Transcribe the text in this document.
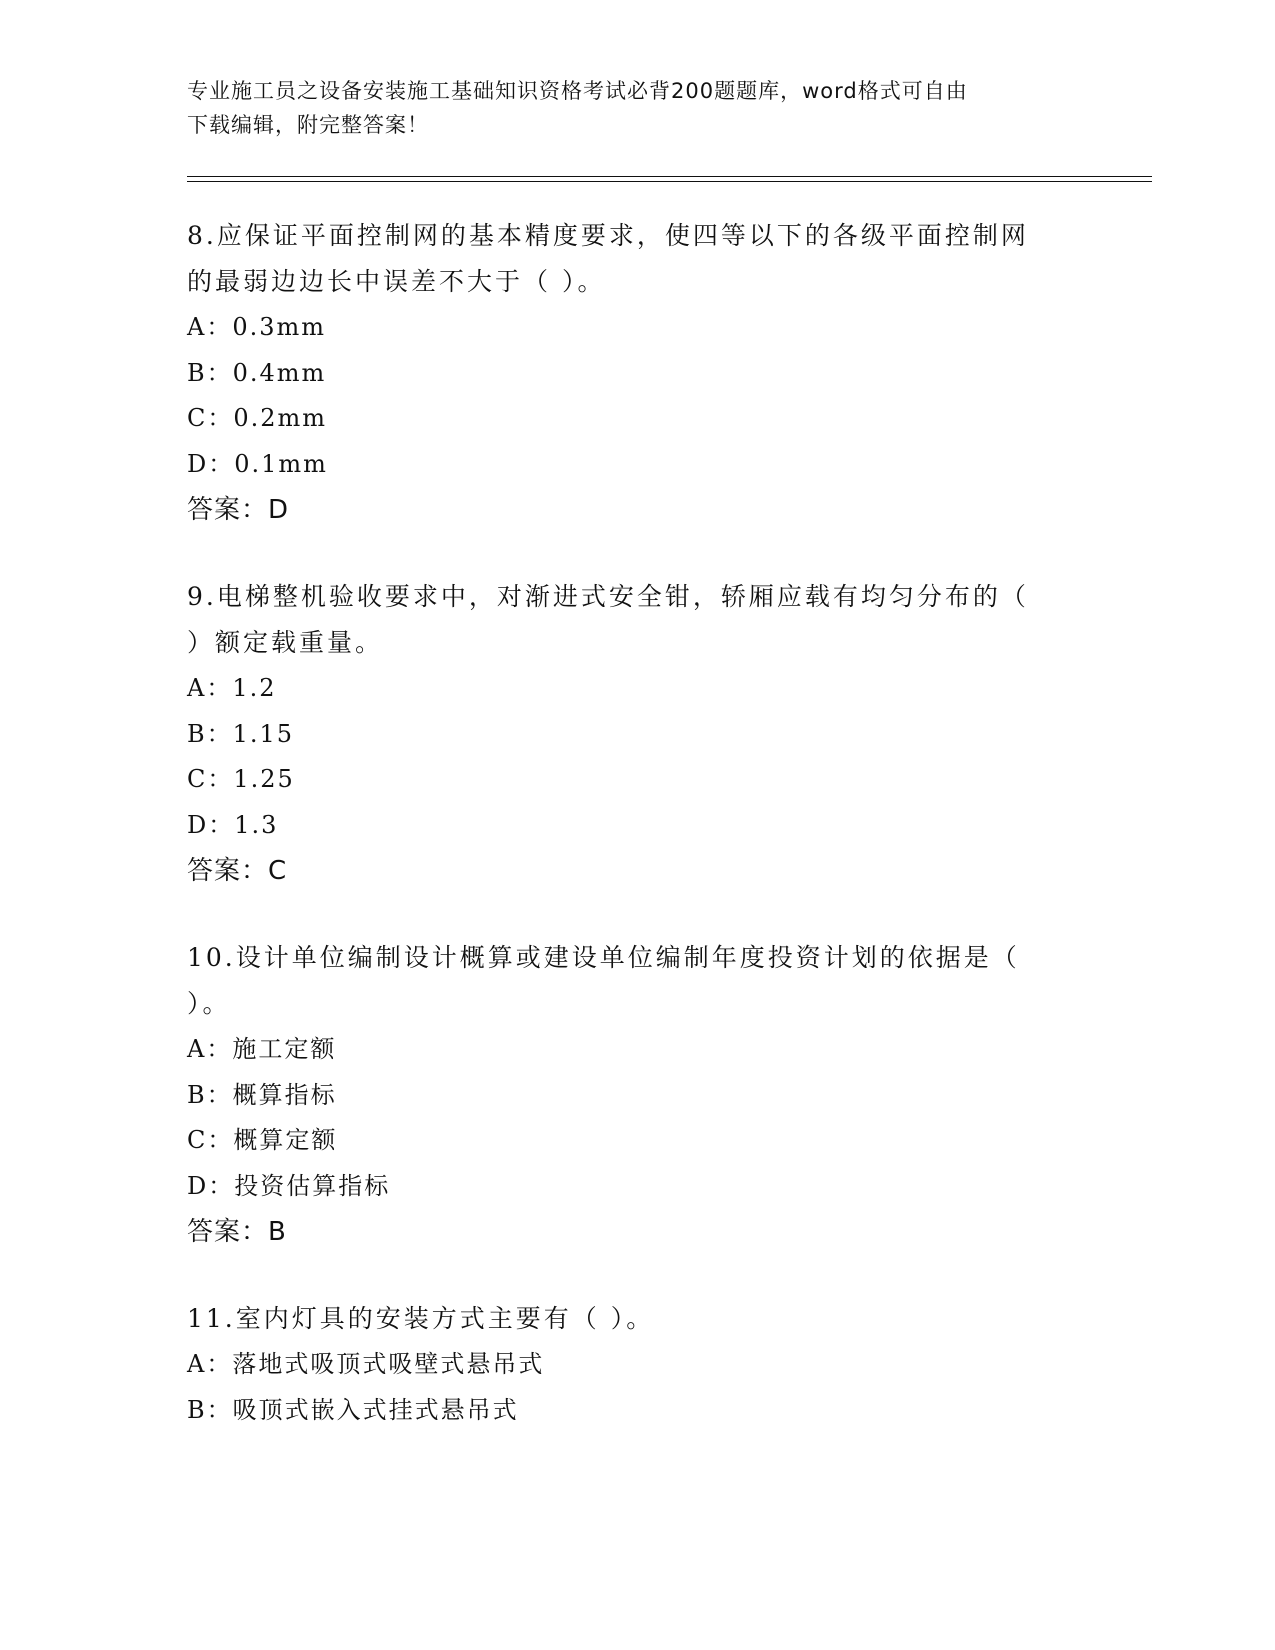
专业施工员之设备安装施工基础知识资格考试必背200题题库，word格式可自由
下载编辑，附完整答案！

8.应保证平面控制网的基本精度要求，使四等以下的各级平面控制网

的最弱边边长中误差不大于（ ）。

A：0.3mm

B：0.4mm

C：0.2mm

D：0.1mm

答案：D

9.电梯整机验收要求中，对渐进式安全钳，轿厢应载有均匀分布的（

）额定载重量。

A：1.2

B：1.15

C：1.25

D：1.3

答案：C

10.设计单位编制设计概算或建设单位编制年度投资计划的依据是（

）。

A：施工定额

B：概算指标

C：概算定额

D：投资估算指标

答案：B

11.室内灯具的安装方式主要有（ ）。

A：落地式吸顶式吸壁式悬吊式

B：吸顶式嵌入式挂式悬吊式
